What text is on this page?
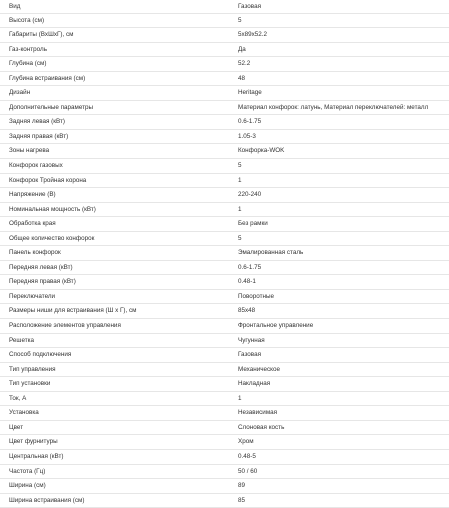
Вид	Газовая
Высота (см)	5
Габариты (ВхШхГ), см	5x89x52.2
Газ-контроль	Да
Глубина (см)	52.2
Глубина встраивания (см)	48
Дизайн	Heritage
Дополнительные параметры	Материал конфорок: латунь, Материал переключателей: металл
Задняя левая (кВт)	0.6-1.75
Задняя правая (кВт)	1.05-3
Зоны нагрева	Конфорка-WOK
Конфорок газовых	5
Конфорок Тройная корона	1
Напряжение (В)	220-240
Номинальная мощность (кВт)	1
Обработка края	Без рамки
Общее количество конфорок	5
Панель конфорок	Эмалированная сталь
Передняя левая (кВт)	0.6-1.75
Передняя правая (кВт)	0.48-1
Переключатели	Поворотные
Размеры ниши для встраивания (Ш х Г), см	85x48
Расположение элементов управления	Фронтальное управление
Решетка	Чугунная
Способ подключения	Газовая
Тип управления	Механическое
Тип установки	Накладная
Ток, А	1
Установка	Независимая
Цвет	Слоновая кость
Цвет фурнитуры	Хром
Центральная (кВт)	0.48-5
Частота (Гц)	50 / 60
Ширина (см)	89
Ширина встраивания (см)	85
